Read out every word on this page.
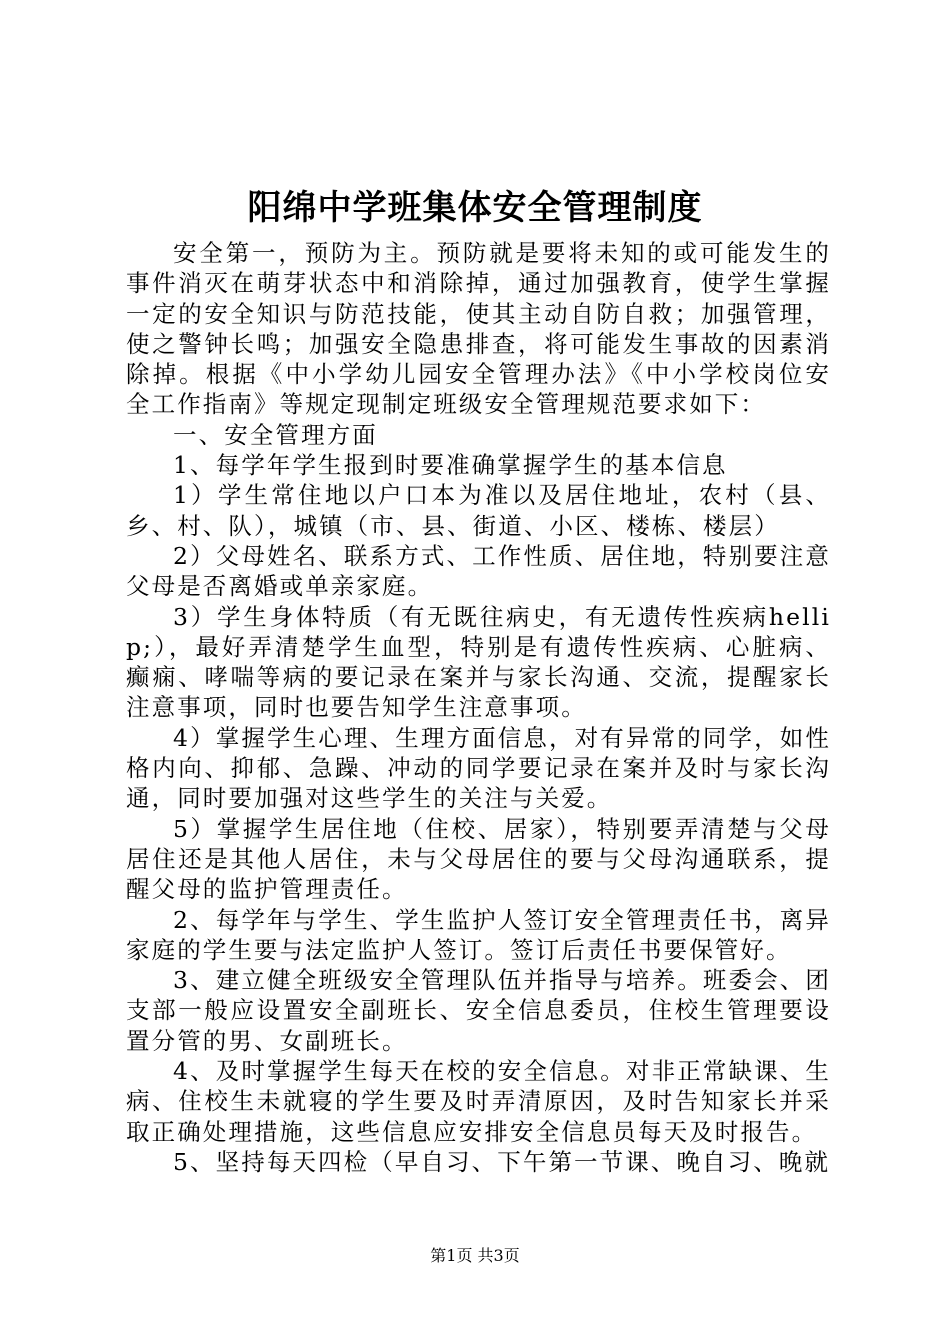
阳绵中学班集体安全管理制度

安全第一，预防为主。预防就是要将未知的或可能发生的事件消灭在萌芽状态中和消除掉，通过加强教育，使学生掌握一定的安全知识与防范技能，使其主动自防自救；加强管理，使之警钟长鸣；加强安全隐患排查，将可能发生事故的因素消除掉。根据《中小学幼儿园安全管理办法》《中小学校岗位安全工作指南》等规定现制定班级安全管理规范要求如下：

一、安全管理方面

1、每学年学生报到时要准确掌握学生的基本信息

1）学生常住地以户口本为准以及居住地址，农村（县、乡、村、队），城镇（市、县、街道、小区、楼栋、楼层）

2）父母姓名、联系方式、工作性质、居住地，特别要注意父母是否离婚或单亲家庭。

3）学生身体特质（有无既往病史，有无遗传性疾病hellip;），最好弄清楚学生血型，特别是有遗传性疾病、心脏病、癫痫、哮喘等病的要记录在案并与家长沟通、交流，提醒家长注意事项，同时也要告知学生注意事项。

4）掌握学生心理、生理方面信息，对有异常的同学，如性格内向、抑郁、急躁、冲动的同学要记录在案并及时与家长沟通，同时要加强对这些学生的关注与关爱。

5）掌握学生居住地（住校、居家），特别要弄清楚与父母居住还是其他人居住，未与父母居住的要与父母沟通联系，提醒父母的监护管理责任。

2、每学年与学生、学生监护人签订安全管理责任书，离异家庭的学生要与法定监护人签订。签订后责任书要保管好。

3、建立健全班级安全管理队伍并指导与培养。班委会、团支部一般应设置安全副班长、安全信息委员，住校生管理要设置分管的男、女副班长。

4、及时掌握学生每天在校的安全信息。对非正常缺课、生病、住校生未就寝的学生要及时弄清原因，及时告知家长并采取正确处理措施，这些信息应安排安全信息员每天及时报告。

5、坚持每天四检（早自习、下午第一节课、晚自习、晚就

第1页 共3页
